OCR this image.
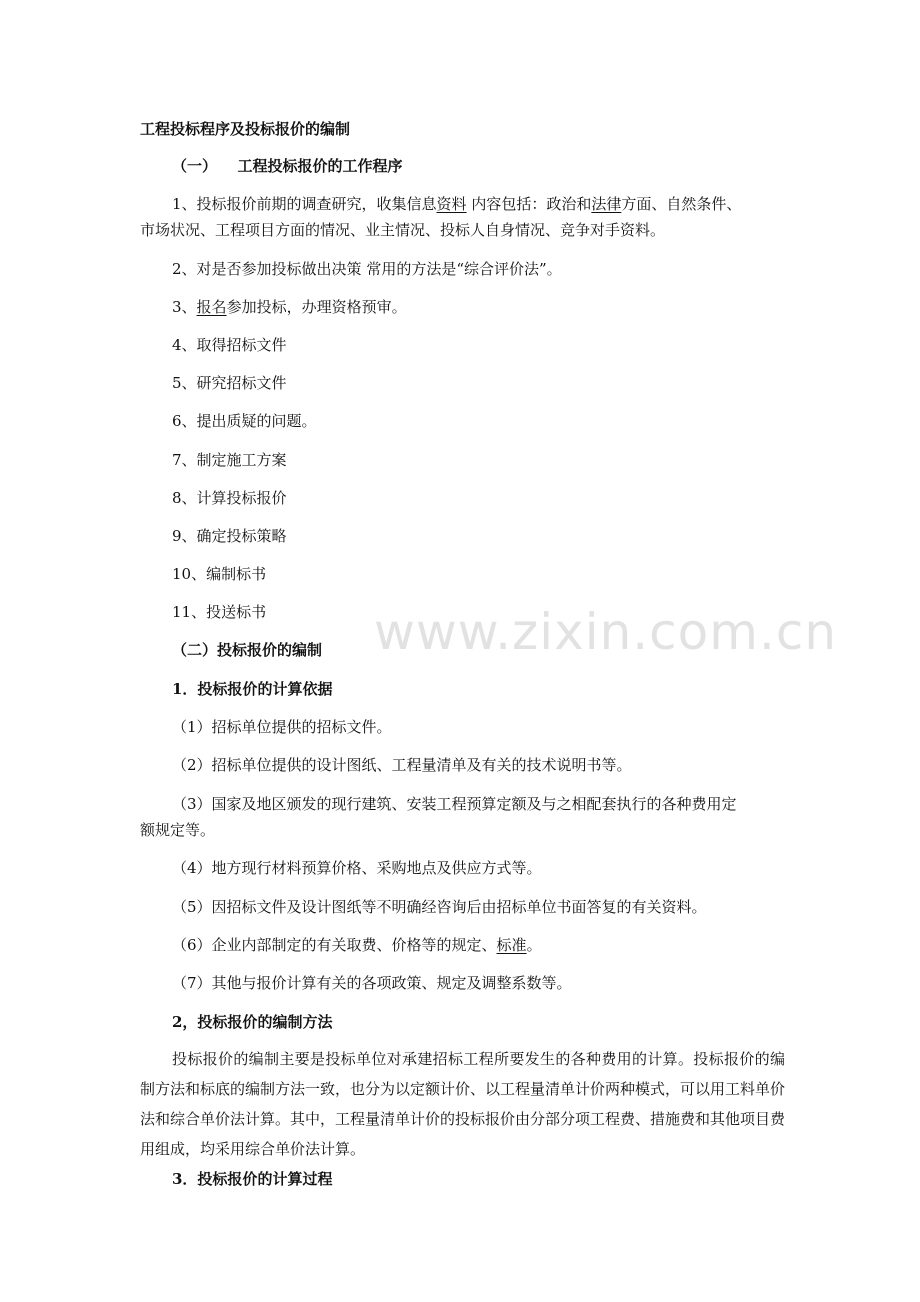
www.zixin.com.cn
工程投标程序及投标报价的编制
（一） 工程投标报价的工作程序
1、投标报价前期的调查研究，收集信息资料 内容包括：政治和法律方面、自然条件、
市场状况、工程项目方面的情况、业主情况、投标人自身情况、竞争对手资料。
2、对是否参加投标做出决策 常用的方法是“综合评价法”。
3、报名参加投标，办理资格预审。
4、取得招标文件
5、研究招标文件
6、提出质疑的问题。
7、制定施工方案
8、计算投标报价
9、确定投标策略
10、编制标书
11、投送标书
（二）投标报价的编制
1．投标报价的计算依据
（1）招标单位提供的招标文件。
（2）招标单位提供的设计图纸、工程量清单及有关的技术说明书等。
（3）国家及地区颁发的现行建筑、安装工程预算定额及与之相配套执行的各种费用定
额规定等。
（4）地方现行材料预算价格、采购地点及供应方式等。
（5）因招标文件及设计图纸等不明确经咨询后由招标单位书面答复的有关资料。
（6）企业内部制定的有关取费、价格等的规定、标准。
（7）其他与报价计算有关的各项政策、规定及调整系数等。
2，投标报价的编制方法
投标报价的编制主要是投标单位对承建招标工程所要发生的各种费用的计算。投标报价的编制方法和标底的编制方法一致，也分为以定额计价、以工程量清单计价两种模式，可以用工料单价法和综合单价法计算。其中，工程量清单计价的投标报价由分部分项工程费、措施费和其他项目费用组成，均采用综合单价法计算。
3．投标报价的计算过程
